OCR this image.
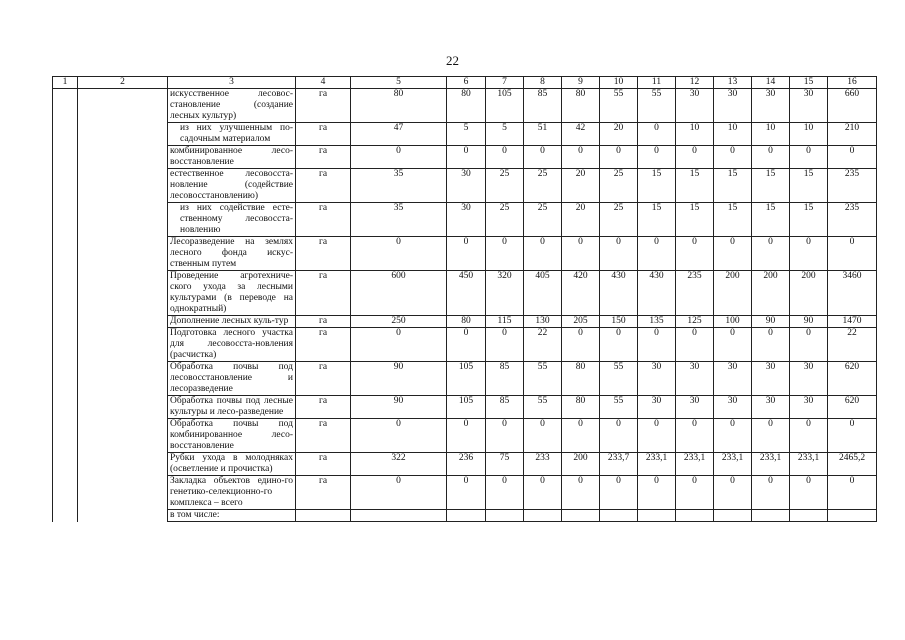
22
1	2	3	4	5	6	7	8	9	10	11	12	13	14	15	16
		искусственное лесовос-становление (создание лесных культур)	га	80	80	105	85	80	55	55	30	30	30	30	660
		из них улучшенным по-садочным материалом	га	47	5	5	51	42	20	0	10	10	10	10	210
		комбинированное лесо-восстановление	га	0	0	0	0	0	0	0	0	0	0	0	0
		естественное лесовосста-новление (содействие лесовосстановлению)	га	35	30	25	25	20	25	15	15	15	15	15	235
		из них содействие есте-ственному лесовосста-новлению	га	35	30	25	25	20	25	15	15	15	15	15	235
		Лесоразведение на землях лесного фонда искус-ственным путем	га	0	0	0	0	0	0	0	0	0	0	0	0
		Проведение агротехниче-ского ухода за лесными культурами (в переводе на однократный)	га	600	450	320	405	420	430	430	235	200	200	200	3460
		Дополнение лесных куль-тур	га	250	80	115	130	205	150	135	125	100	90	90	1470
		Подготовка лесного участка для лесовосста-новления (расчистка)	га	0	0	0	22	0	0	0	0	0	0	0	22
		Обработка почвы под лесовосстановление и лесоразведение	га	90	105	85	55	80	55	30	30	30	30	30	620
		Обработка почвы под лесные культуры и лесо-разведение	га	90	105	85	55	80	55	30	30	30	30	30	620
		Обработка почвы под комбинированное лесо-восстановление	га	0	0	0	0	0	0	0	0	0	0	0	0
		Рубки ухода в молодняках (осветление и прочистка)	га	322	236	75	233	200	233,7	233,1	233,1	233,1	233,1	233,1	2465,2
		Закладка объектов едино-го генетико-селекционно-го комплекса – всего	га	0	0	0	0	0	0	0	0	0	0	0	0
		в том числе:													
